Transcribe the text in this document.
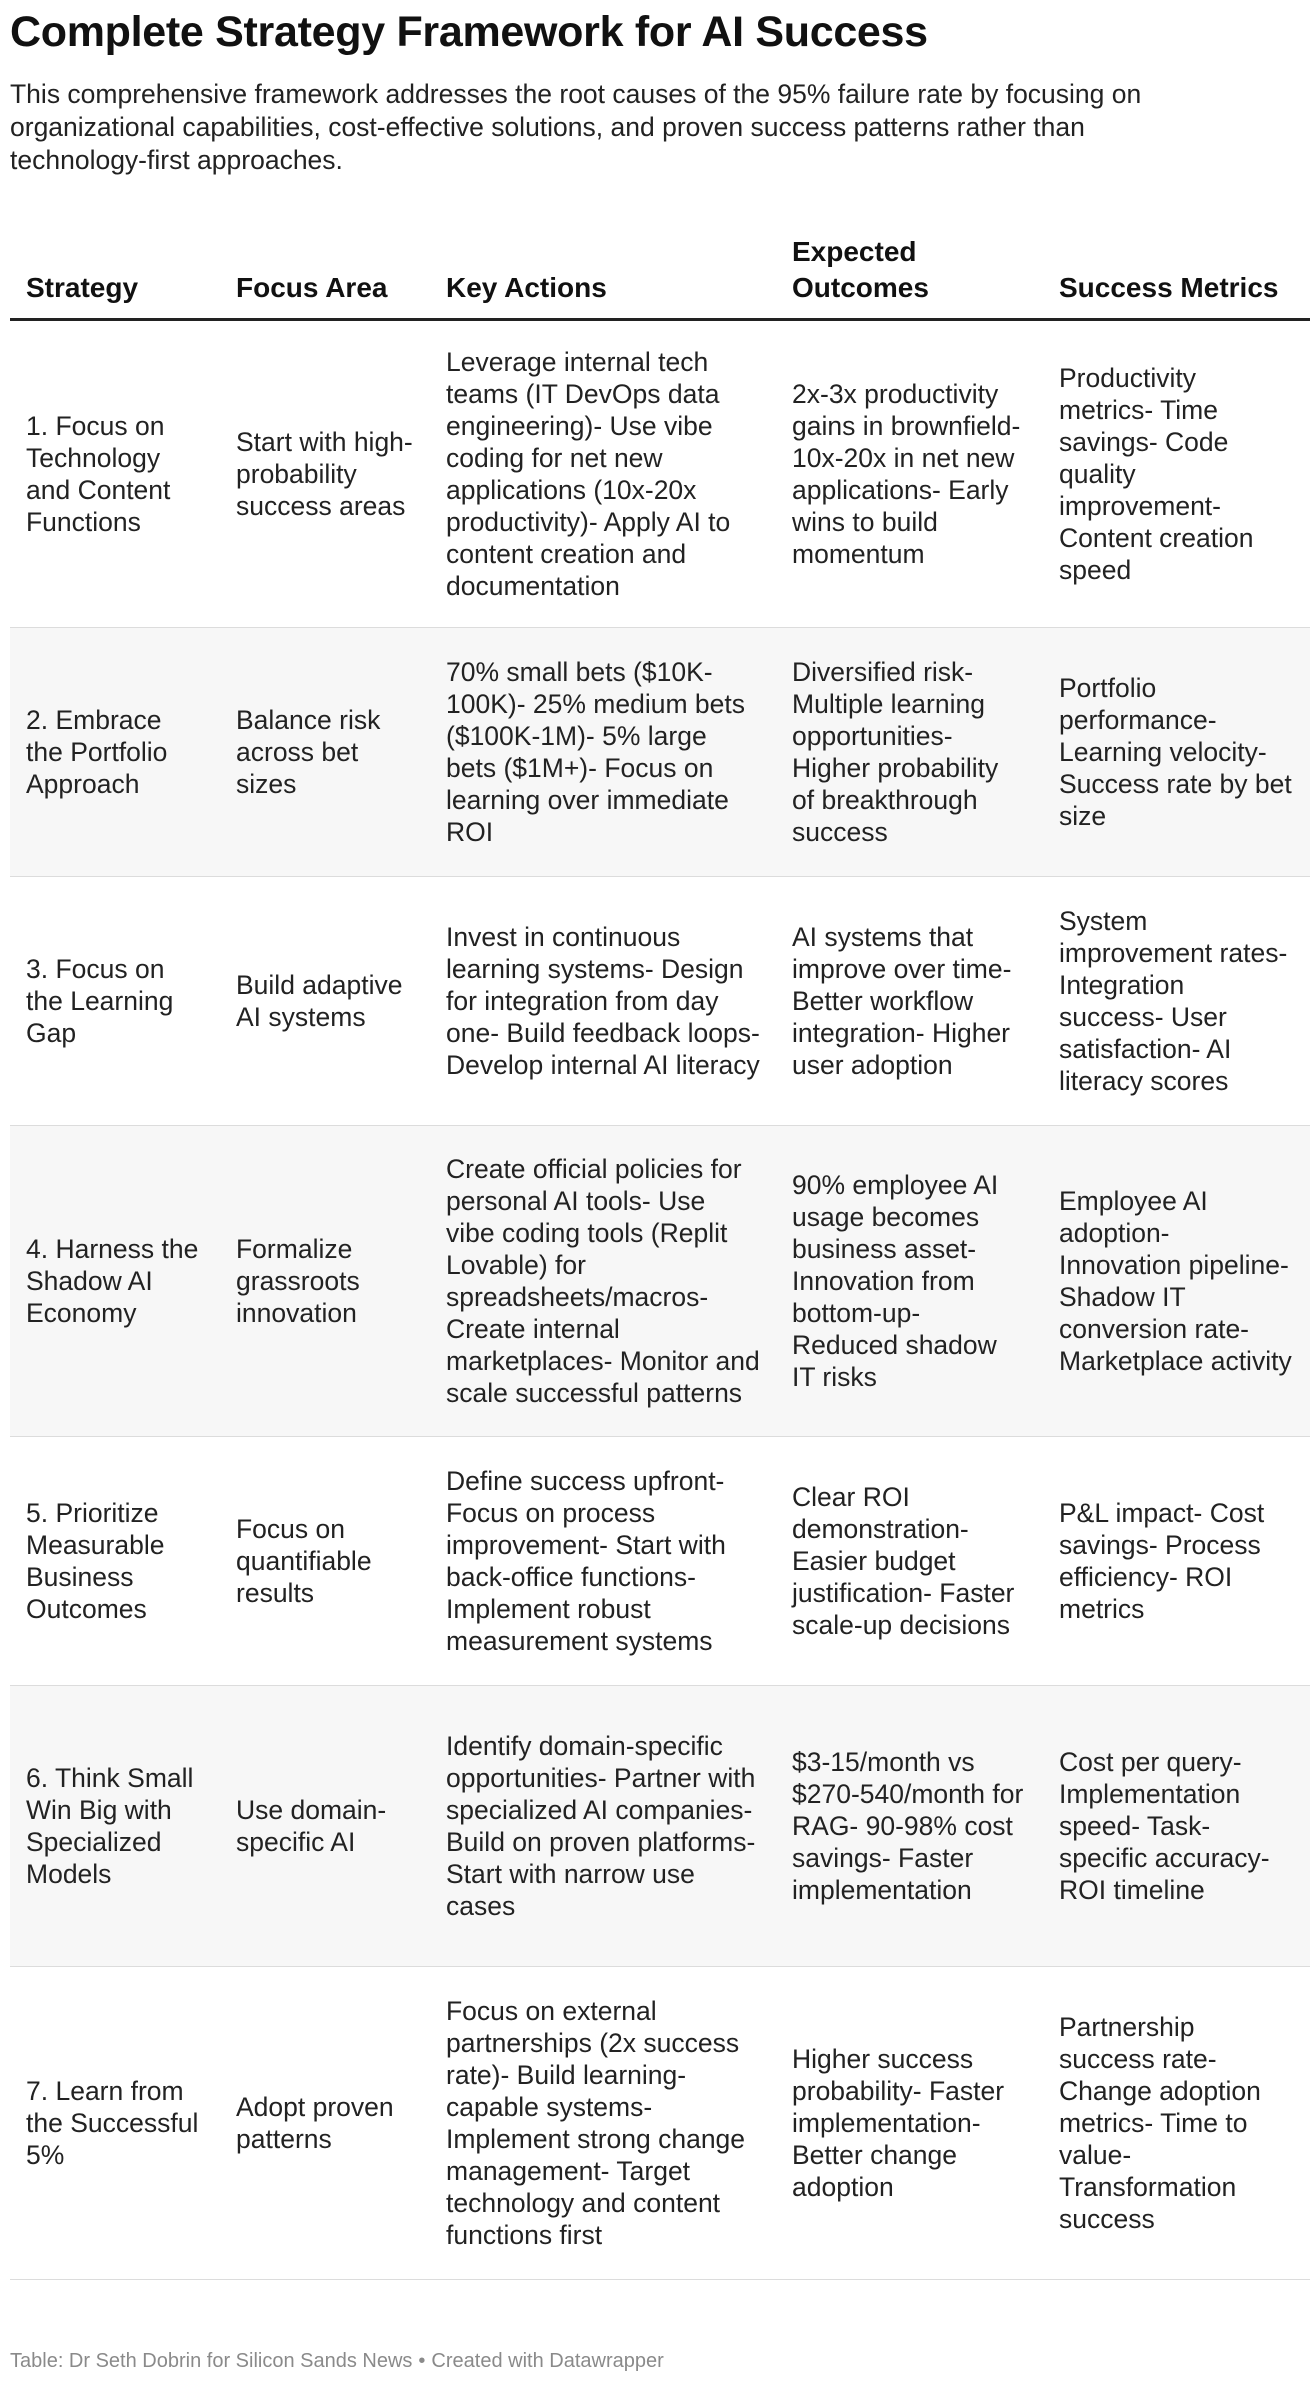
Complete Strategy Framework for AI Success

This comprehensive framework addresses the root causes of the 95% failure rate by focusing on organizational capabilities, cost-effective solutions, and proven success patterns rather than technology-first approaches.

Strategy	Focus Area	Key Actions	Expected Outcomes	Success Metrics
1. Focus on Technology and Content Functions	Start with high-probability success areas	Leverage internal tech teams (IT DevOps data engineering)- Use vibe coding for net new applications (10x-20x productivity)- Apply AI to content creation and documentation	2x-3x productivity gains in brownfield- 10x-20x in net new applications- Early wins to build momentum	Productivity metrics- Time savings- Code quality improvement- Content creation speed
2. Embrace the Portfolio Approach	Balance risk across bet sizes	70% small bets ($10K-100K)- 25% medium bets ($100K-1M)- 5% large bets ($1M+)- Focus on learning over immediate ROI	Diversified risk- Multiple learning opportunities- Higher probability of breakthrough success	Portfolio performance- Learning velocity- Success rate by bet size
3. Focus on the Learning Gap	Build adaptive AI systems	Invest in continuous learning systems- Design for integration from day one- Build feedback loops- Develop internal AI literacy	AI systems that improve over time- Better workflow integration- Higher user adoption	System improvement rates- Integration success- User satisfaction- AI literacy scores
4. Harness the Shadow AI Economy	Formalize grassroots innovation	Create official policies for personal AI tools- Use vibe coding tools (Replit Lovable) for spreadsheets/macros- Create internal marketplaces- Monitor and scale successful patterns	90% employee AI usage becomes business asset- Innovation from bottom-up- Reduced shadow IT risks	Employee AI adoption- Innovation pipeline- Shadow IT conversion rate- Marketplace activity
5. Prioritize Measurable Business Outcomes	Focus on quantifiable results	Define success upfront- Focus on process improvement- Start with back-office functions- Implement robust measurement systems	Clear ROI demonstration- Easier budget justification- Faster scale-up decisions	P&L impact- Cost savings- Process efficiency- ROI metrics
6. Think Small Win Big with Specialized Models	Use domain-specific AI	Identify domain-specific opportunities- Partner with specialized AI companies- Build on proven platforms- Start with narrow use cases	$3-15/month vs $270-540/month for RAG- 90-98% cost savings- Faster implementation	Cost per query- Implementation speed- Task-specific accuracy- ROI timeline
7. Learn from the Successful 5%	Adopt proven patterns	Focus on external partnerships (2x success rate)- Build learning-capable systems- Implement strong change management- Target technology and content functions first	Higher success probability- Faster implementation- Better change adoption	Partnership success rate- Change adoption metrics- Time to value- Transformation success
Table: Dr Seth Dobrin for Silicon Sands News • Created with Datawrapper
